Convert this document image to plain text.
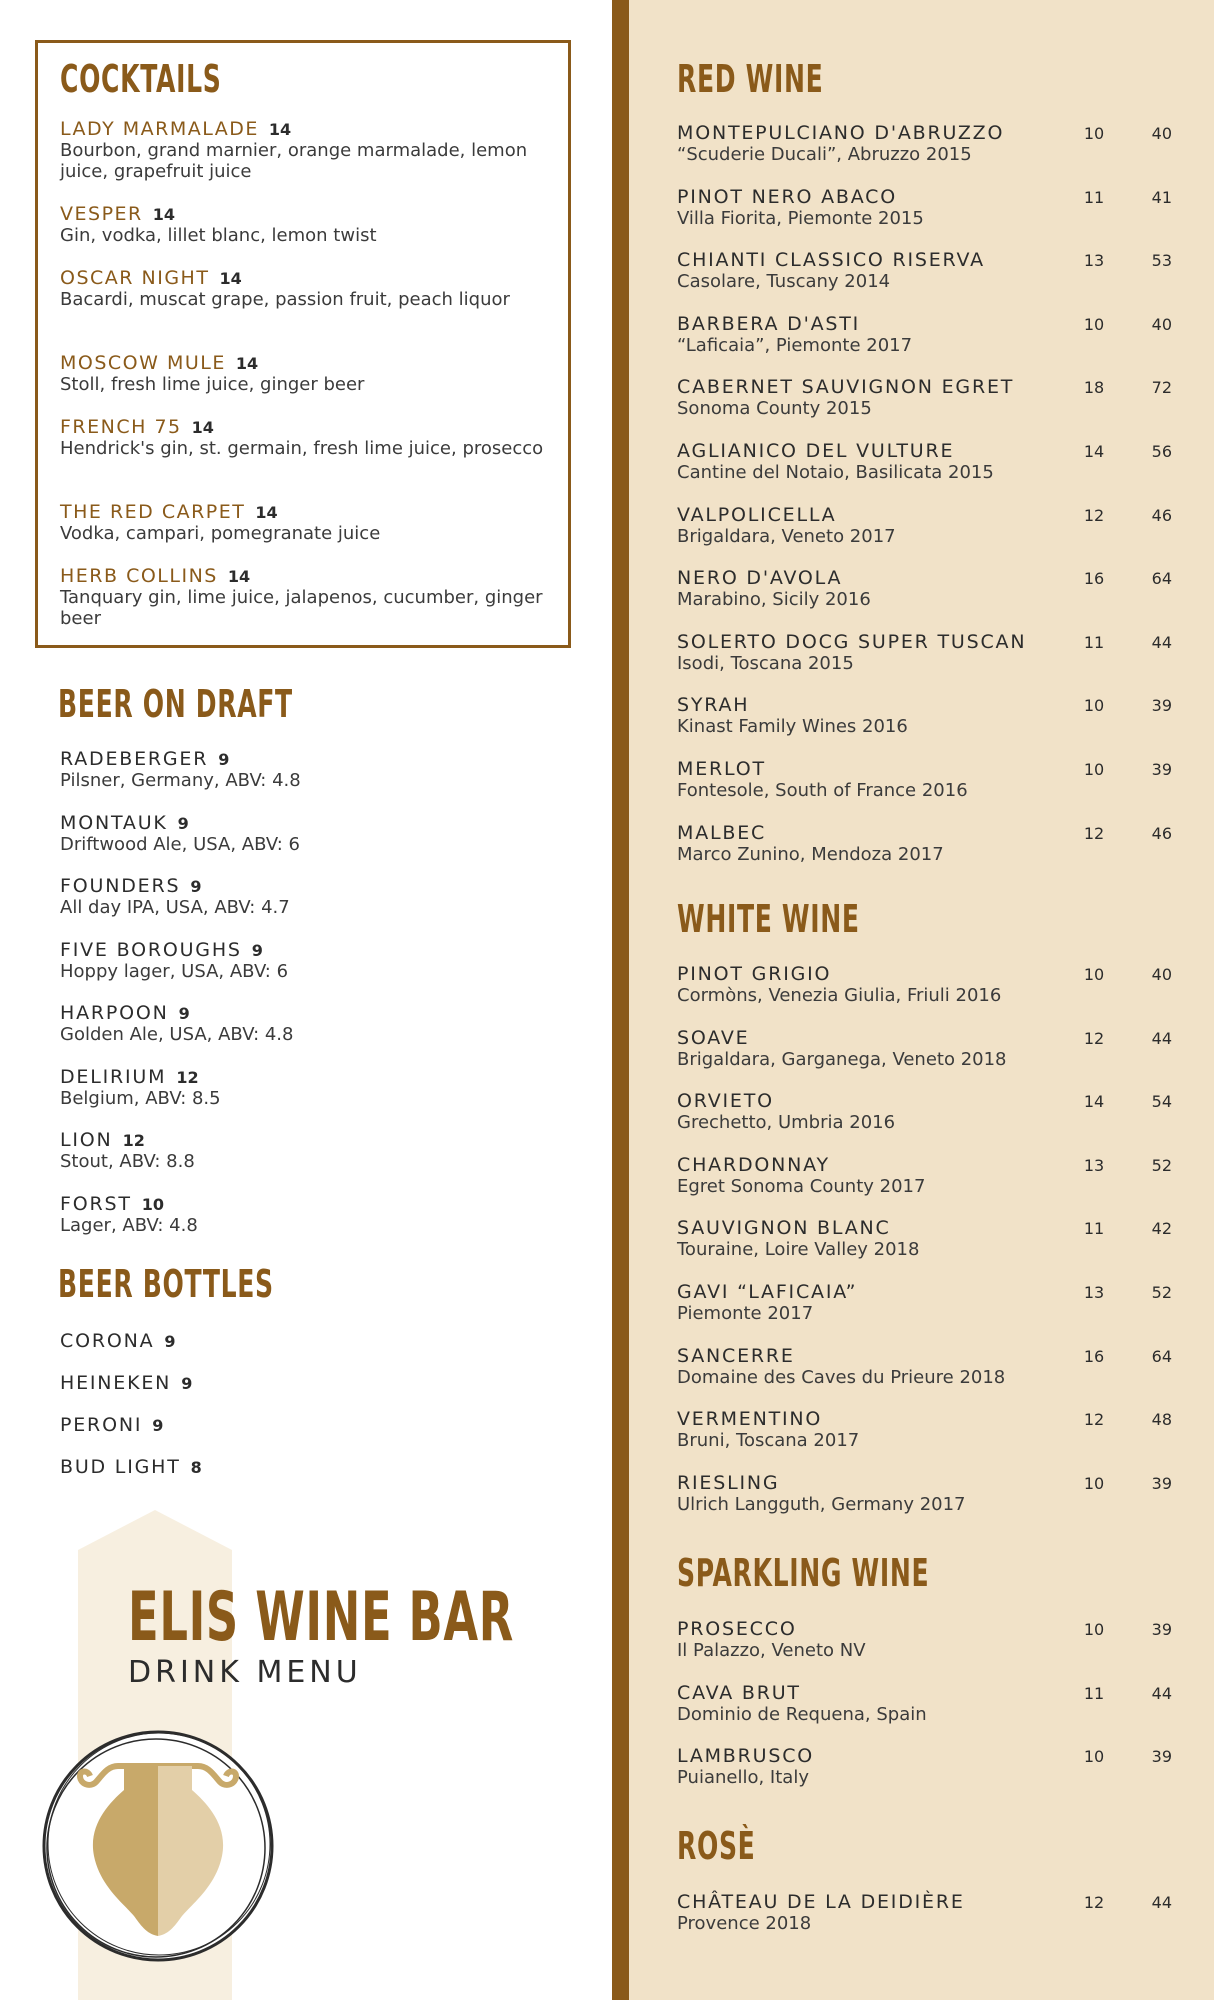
COCKTAILS
LADY MARMALADE 14
Bourbon, grand marnier, orange marmalade, lemon juice, grapefruit juice
VESPER 14
Gin, vodka, lillet blanc, lemon twist
OSCAR NIGHT 14
Bacardi, muscat grape, passion fruit, peach liquor
MOSCOW MULE 14
Stoll, fresh lime juice, ginger beer
FRENCH 75 14
Hendrick's gin, st. germain, fresh lime juice, prosecco
THE RED CARPET 14
Vodka, campari, pomegranate juice
HERB COLLINS 14
Tanquary gin, lime juice, jalapenos, cucumber, ginger beer
BEER ON DRAFT
RADEBERGER 9
Pilsner, Germany, ABV: 4.8
MONTAUK 9
Driftwood Ale, USA, ABV: 6
FOUNDERS 9
All day IPA, USA, ABV: 4.7
FIVE BOROUGHS 9
Hoppy lager, USA, ABV: 6
HARPOON 9
Golden Ale, USA, ABV: 4.8
DELIRIUM 12
Belgium, ABV: 8.5
LION 12
Stout, ABV: 8.8
FORST 10
Lager, ABV: 4.8
BEER BOTTLES
CORONA 9
HEINEKEN 9
PERONI 9
BUD LIGHT 8
ELIS WINE BAR
DRINK MENU
RED WINE
MONTEPULCIANO D'ABRUZZO
“Scuderie Ducali”, Abruzzo 2015
10	40
PINOT NERO ABACO
Villa Fiorita, Piemonte 2015
11	41
CHIANTI CLASSICO RISERVA
Casolare, Tuscany 2014
13	53
BARBERA D'ASTI
“Laficaia”, Piemonte 2017
10	40
CABERNET SAUVIGNON EGRET
Sonoma County 2015
18	72
AGLIANICO DEL VULTURE
Cantine del Notaio, Basilicata 2015
14	56
VALPOLICELLA
Brigaldara, Veneto 2017
12	46
NERO D'AVOLA
Marabino, Sicily 2016
16	64
SOLERTO DOCG SUPER TUSCAN
Isodi, Toscana 2015
11	44
SYRAH
Kinast Family Wines 2016
10	39
MERLOT
Fontesole, South of France 2016
10	39
MALBEC
Marco Zunino, Mendoza 2017
12	46
WHITE WINE
PINOT GRIGIO
Cormòns, Venezia Giulia, Friuli 2016
10	40
SOAVE
Brigaldara, Garganega, Veneto 2018
12	44
ORVIETO
Grechetto, Umbria 2016
14	54
CHARDONNAY
Egret Sonoma County 2017
13	52
SAUVIGNON BLANC
Touraine, Loire Valley 2018
11	42
GAVI “LAFICAIA”
Piemonte 2017
13	52
SANCERRE
Domaine des Caves du Prieure 2018
16	64
VERMENTINO
Bruni, Toscana 2017
12	48
RIESLING
Ulrich Langguth, Germany 2017
10	39
SPARKLING WINE
PROSECCO
Il Palazzo, Veneto NV
10	39
CAVA BRUT
Dominio de Requena, Spain
11	44
LAMBRUSCO
Puianello, Italy
10	39
ROSÈ
CHÂTEAU DE LA DEIDIÈRE
Provence 2018
12	44
